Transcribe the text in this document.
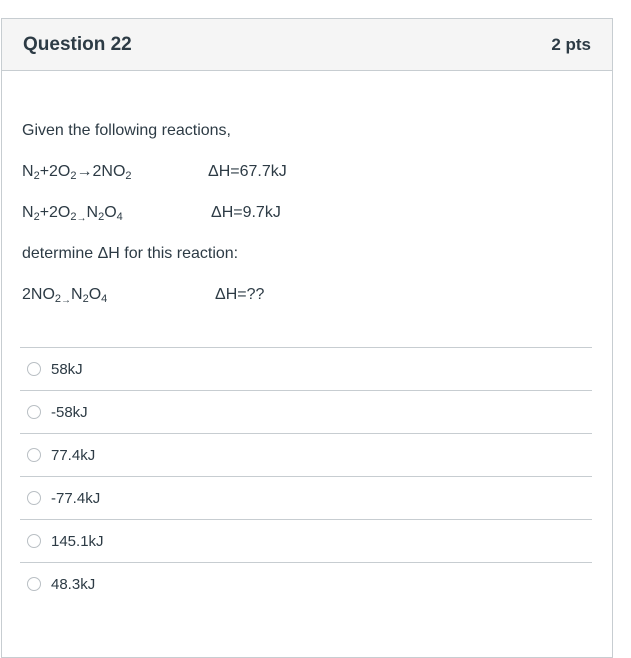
Question 22	2 pts
Given the following reactions,
$N_2+2O_2\to 2NO_2$	ΔH=67.7kJ
$N_2+2O_{2\to}N_2O_4$	ΔH=9.7kJ
determine ΔH for this reaction:
$2NO_{2\to}N_2O_4$	ΔH=??
58kJ
-58kJ
77.4kJ
-77.4kJ
145.1kJ
48.3kJ
